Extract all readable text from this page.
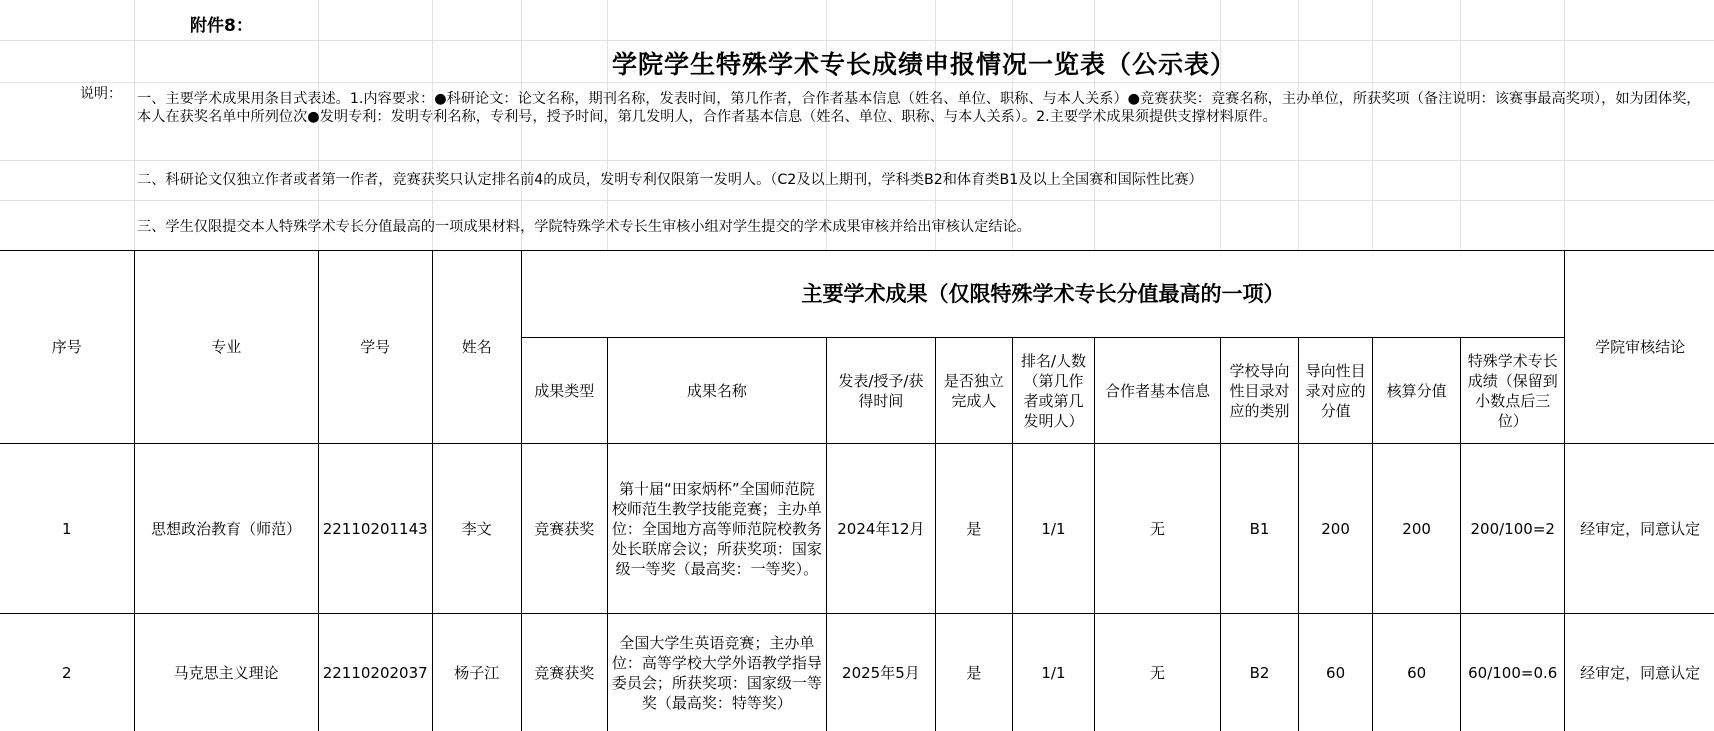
附件8：
学院学生特殊学术专长成绩申报情况一览表（公示表）
说明： 一、主要学术成果用条目式表述。1.内容要求：●科研论文：论文名称，期刊名称，发表时间，第几作者，合作者基本信息（姓名、单位、职称、与本人关系）●竞赛获奖：竞赛名称，主办单位，所获奖项（备注说明：该赛事最高奖项），如为团体奖，本人在获奖名单中所列位次●发明专利：发明专利名称，专利号，授予时间，第几发明人，合作者基本信息（姓名、单位、职称、与本人关系）。2.主要学术成果须提供支撑材料原件。
二、科研论文仅独立作者或者第一作者，竞赛获奖只认定排名前4的成员，发明专利仅限第一发明人。（C2及以上期刊，学科类B2和体育类B1及以上全国赛和国际性比赛）
三、学生仅限提交本人特殊学术专长分值最高的一项成果材料，学院特殊学术专长生审核小组对学生提交的学术成果审核并给出审核认定结论。
序号	专业	学号	姓名	主要学术成果（仅限特殊学术专长分值最高的一项）										学院审核结论
				成果类型	成果名称	发表/授予/获得时间	是否独立完成人	排名/人数（第几作者或第几发明人）	合作者基本信息	学校导向性目录对应的类别	导向性目录对应的分值	核算分值	特殊学术专长成绩（保留到小数点后三位）	
1	思想政治教育（师范）	22110201143	李文	竞赛获奖	第十届“田家炳杯”全国师范院校师范生教学技能竞赛；主办单位：全国地方高等师范院校教务处长联席会议；所获奖项：国家级一等奖（最高奖：一等奖）。	2024年12月	是	1/1	无	B1	200	200	200/100=2	经审定，同意认定
2	马克思主义理论	22110202037	杨子江	竞赛获奖	全国大学生英语竞赛；主办单位：高等学校大学外语教学指导委员会；所获奖项：国家级一等奖（最高奖：特等奖）	2025年5月	是	1/1	无	B2	60	60	60/100=0.6	经审定，同意认定
